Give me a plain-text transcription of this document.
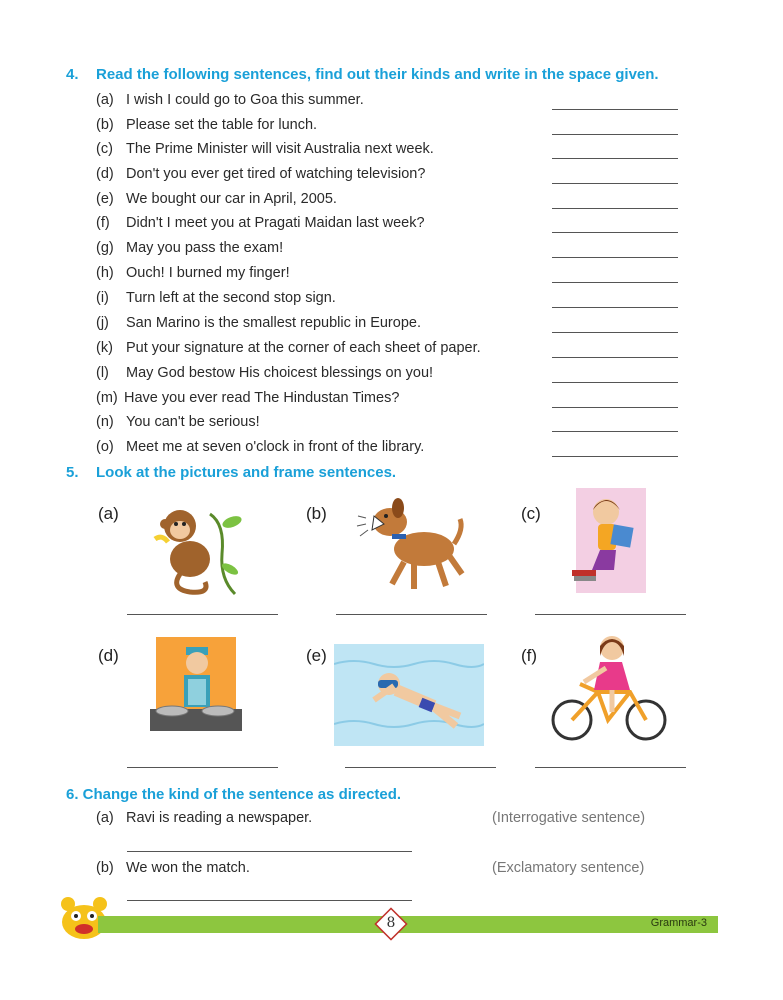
4. Read the following sentences, find out their kinds and write in the space given.
(a) I wish I could go to Goa this summer.
(b) Please set the table for lunch.
(c) The Prime Minister will visit Australia next week.
(d) Don't you ever get tired of watching television?
(e) We bought our car in April, 2005.
(f) Didn't I meet you at Pragati Maidan last week?
(g) May you pass the exam!
(h) Ouch! I burned my finger!
(i) Turn left at the second stop sign.
(j) San Marino is the smallest republic in Europe.
(k) Put your signature at the corner of each sheet of paper.
(l) May God bestow His choicest blessings on you!
(m) Have you ever read The Hindustan Times?
(n) You can't be serious!
(o) Meet me at seven o'clock in front of the library.
5. Look at the pictures and frame sentences.
(a)	(b)	(c)
(d)	(e)	(f)
6. Change the kind of the sentence as directed.
(a) Ravi is reading a newspaper.	(Interrogative sentence)
(b) We won the match.	(Exclamatory sentence)
Grammar-3
8
